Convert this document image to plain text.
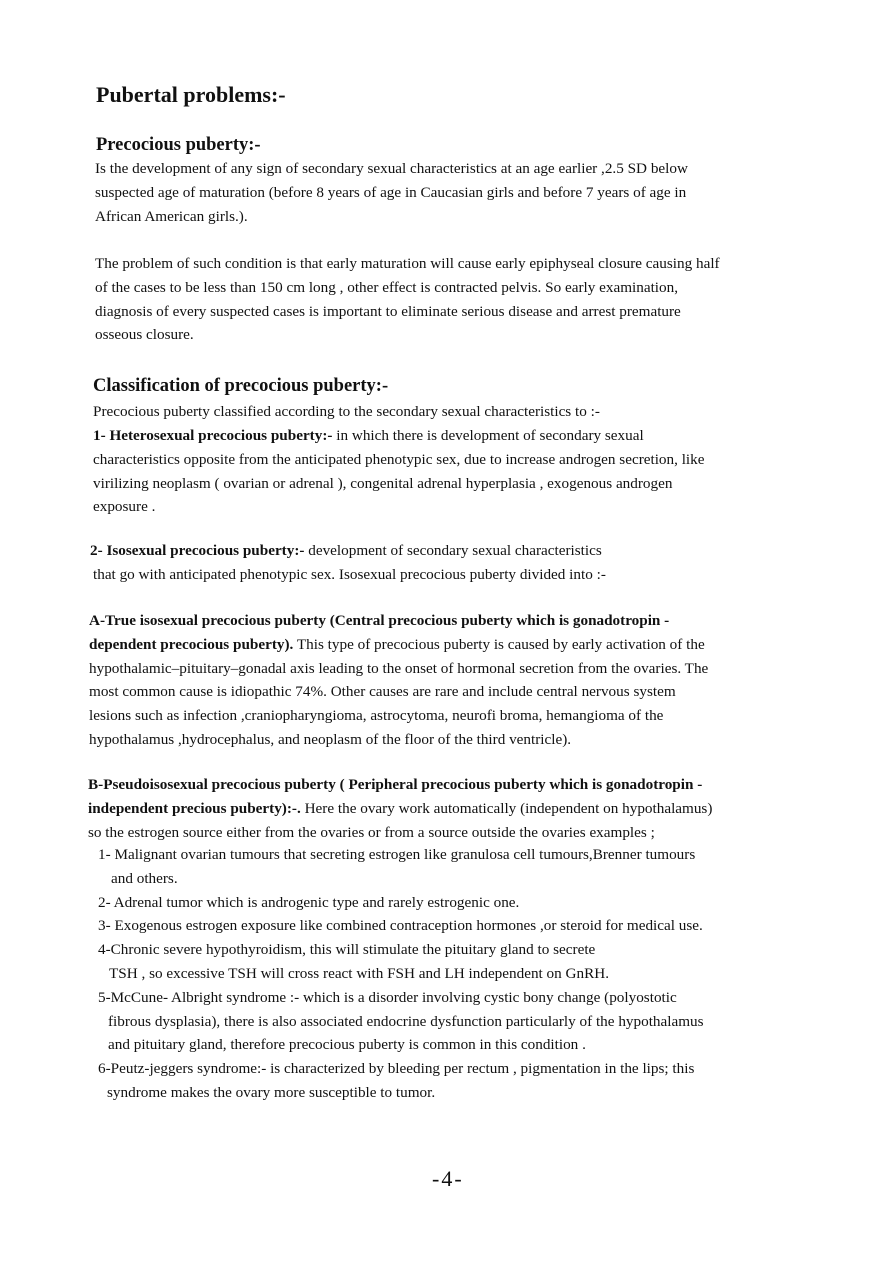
Pubertal problems:-
Precocious puberty:-
Is the development of any sign of secondary sexual characteristics at an age earlier ,2.5 SD below
suspected age of maturation (before 8 years of age in Caucasian girls and before 7 years of age in
African American girls.).
The problem of such condition is that early maturation will cause early epiphyseal closure causing half
of the cases to be less than 150 cm long , other effect is contracted pelvis. So early examination,
diagnosis of every suspected cases is important to eliminate serious disease and arrest premature
osseous closure.
Classification of precocious puberty:-
Precocious puberty classified according to the secondary sexual characteristics to :-
1- Heterosexual precocious puberty:- in which there is development of secondary sexual
characteristics opposite from the anticipated phenotypic sex, due to increase androgen secretion, like
virilizing neoplasm ( ovarian or adrenal ), congenital adrenal hyperplasia , exogenous androgen
exposure .
2- Isosexual precocious puberty:- development of secondary sexual characteristics
that go with anticipated phenotypic sex. Isosexual precocious puberty divided into :-
A-True isosexual precocious puberty (Central precocious puberty which is gonadotropin -
dependent precocious puberty). This type of precocious puberty is caused by early activation of the
hypothalamic–pituitary–gonadal axis leading to the onset of hormonal secretion from the ovaries. The
most common cause is idiopathic 74%. Other causes are rare and include central nervous system
lesions such as infection ,craniopharyngioma, astrocytoma, neurofi broma, hemangioma of the
hypothalamus ,hydrocephalus, and neoplasm of the floor of the third ventricle).
B-Pseudoisosexual precocious puberty ( Peripheral precocious puberty which is gonadotropin -
independent precious puberty):-. Here the ovary work automatically (independent on hypothalamus)
so the estrogen source either from the ovaries or from a source outside the ovaries examples ;
1- Malignant ovarian tumours that secreting estrogen like granulosa cell tumours,Brenner tumours
and others.
2- Adrenal tumor which is androgenic type and rarely estrogenic one.
3- Exogenous estrogen exposure like combined contraception hormones ,or steroid for medical use.
4-Chronic severe hypothyroidism, this will stimulate the pituitary gland to secrete
TSH , so excessive TSH will cross react with FSH and LH independent on GnRH.
5-McCune- Albright syndrome :- which is a disorder involving cystic bony change (polyostotic
fibrous dysplasia), there is also associated endocrine dysfunction particularly of the hypothalamus
and pituitary gland, therefore precocious puberty is common in this condition .
6-Peutz-jeggers syndrome:- is characterized by bleeding per rectum , pigmentation in the lips; this
syndrome makes the ovary more susceptible to tumor.
-4-
